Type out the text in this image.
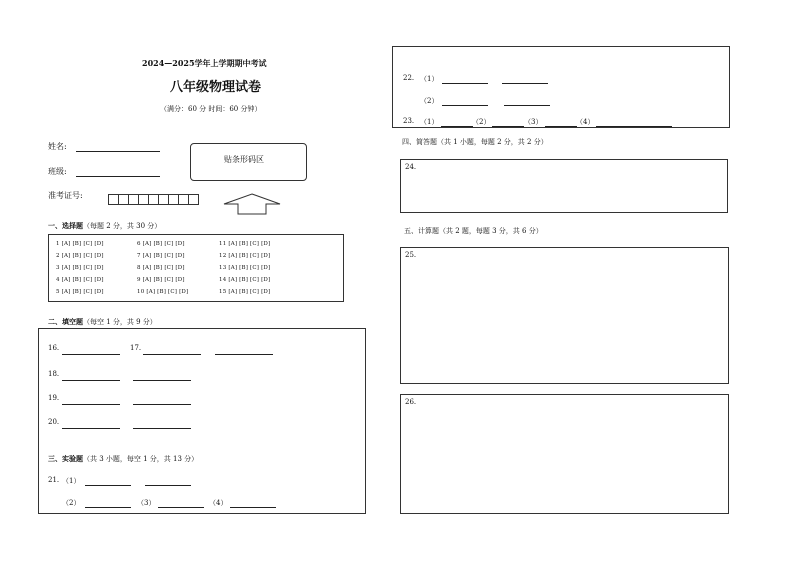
2024—2025学年上学期期中考试
八年级物理试卷
（满分：60 分 时间：60 分钟）
姓名:
班级:
准考证号:
贴条形码区
一、选择题（每题 2 分，共 30 分）
1 [A] [B] [C] [D]	6 [A] [B] [C] [D]	11 [A] [B] [C] [D]
2 [A] [B] [C] [D]	7 [A] [B] [C] [D]	12 [A] [B] [C] [D]
3 [A] [B] [C] [D]	8 [A] [B] [C] [D]	13 [A] [B] [C] [D]
4 [A] [B] [C] [D]	9 [A] [B] [C] [D]	14 [A] [B] [C] [D]
5 [A] [B] [C] [D]	10 [A] [B] [C] [D]	15 [A] [B] [C] [D]
二、填空题（每空 1 分，共 9 分）
16.	17.
18.
19.
20.
三、实验题（共 3 小题，每空 1 分，共 13 分）
21. （1）
（2）	（3）	（4）
22. （1）
（2）
23. （1）	（2）	（3）	（4）
四、简答题（共 1 小题，每题 2 分，共 2 分）
24.
五、计算题（共 2 题，每题 3 分，共 6 分）
25.
26.
